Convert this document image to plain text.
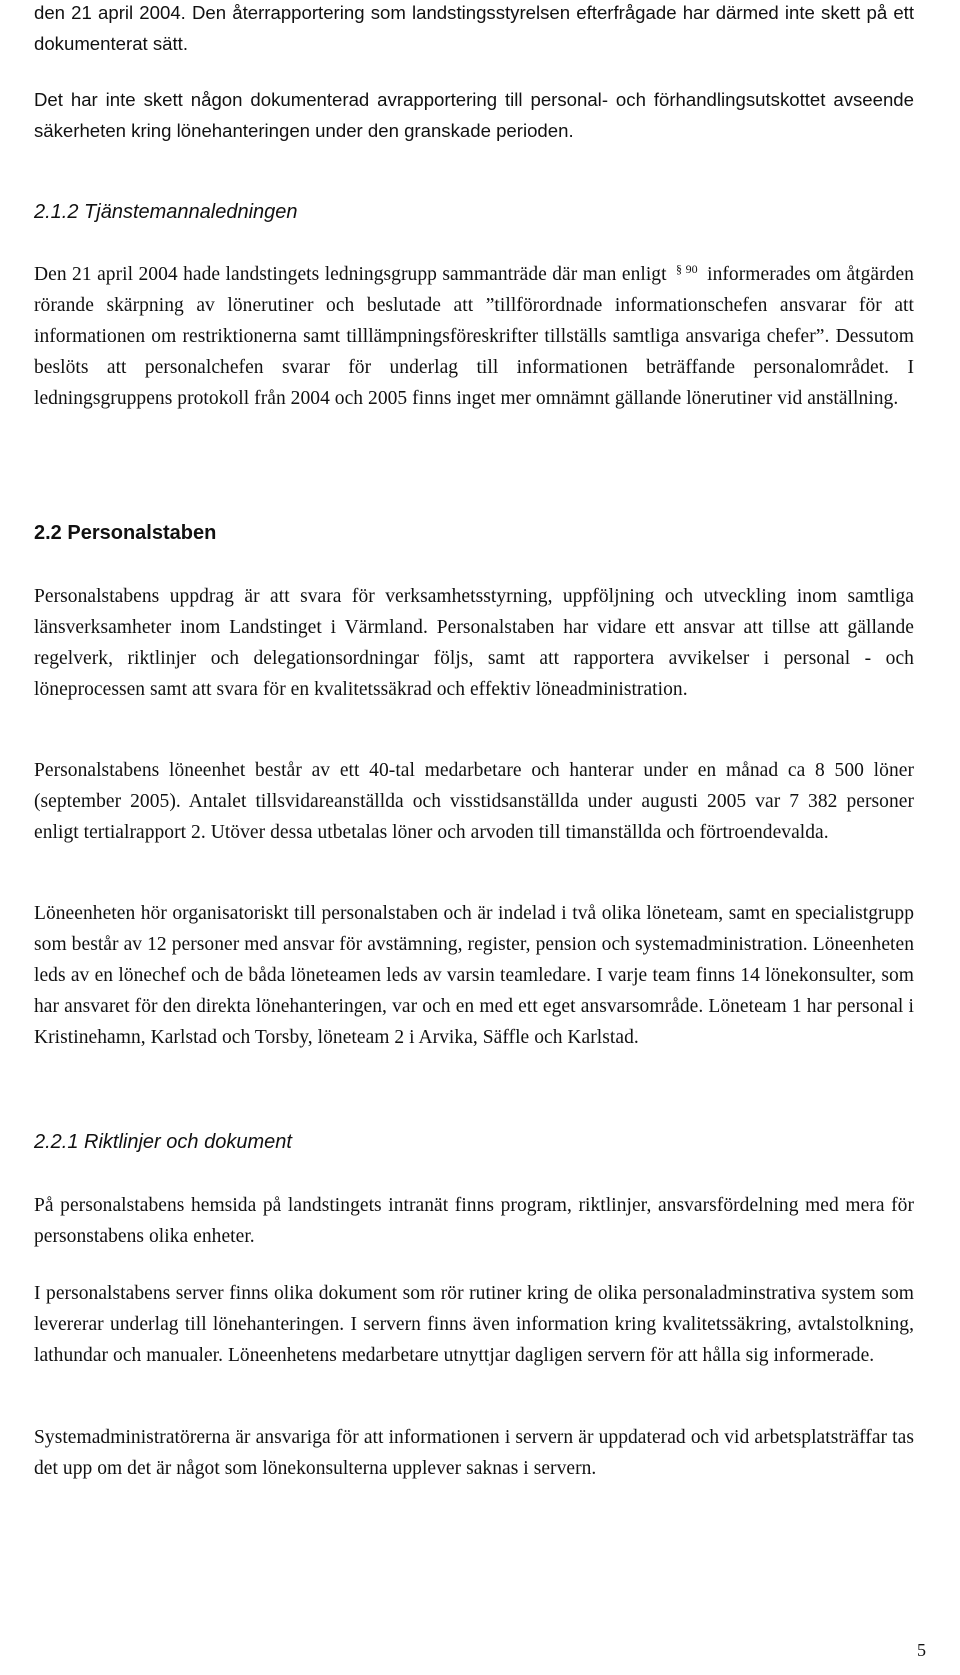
den 21 april 2004. Den återrapportering som landstingsstyrelsen efterfrågade har därmed inte skett på ett dokumenterat sätt.

Det har inte skett någon dokumenterad avrapportering till personal- och förhandlingsutskottet avseende säkerheten kring lönehanteringen under den granskade perioden.

2.1.2 Tjänstemannaledningen

Den 21 april 2004 hade landstingets ledningsgrupp sammanträde där man enligt $^{\S 90}$ informerades om åtgärden rörande skärpning av lönerutiner och beslutade att ”tillförordnade informationschefen ansvarar för att informationen om restriktionerna samt tilllämpningsföreskrifter tillställs samtliga ansvariga chefer”. Dessutom beslöts att personalchefen svarar för underlag till informationen beträffande personalområdet. I ledningsgruppens protokoll från 2004 och 2005 finns inget mer omnämnt gällande lönerutiner vid anställning.

2.2 Personalstaben

Personalstabens uppdrag är att svara för verksamhetsstyrning, uppföljning och utveckling inom samtliga länsverksamheter inom Landstinget i Värmland. Personalstaben har vidare ett ansvar att tillse att gällande regelverk, riktlinjer och delegationsordningar följs, samt att rapportera avvikelser i personal - och löneprocessen samt att svara för en kvalitetssäkrad och effektiv löneadministration.

Personalstabens löneenhet består av ett 40-tal medarbetare och hanterar under en månad ca 8 500 löner (september 2005). Antalet tillsvidareanställda och visstidsanställda under augusti 2005 var 7 382 personer enligt tertialrapport 2. Utöver dessa utbetalas löner och arvoden till timanställda och förtroendevalda.

Löneenheten hör organisatoriskt till personalstaben och är indelad i två olika löneteam, samt en specialistgrupp som består av 12 personer med ansvar för avstämning, register, pension och systemadministration. Löneenheten leds av en lönechef och de båda löneteamen leds av varsin teamledare. I varje team finns 14 lönekonsulter, som har ansvaret för den direkta lönehanteringen, var och en med ett eget ansvarsområde. Löneteam 1 har personal i Kristinehamn, Karlstad och Torsby, löneteam 2 i Arvika, Säffle och Karlstad.

2.2.1 Riktlinjer och dokument

På personalstabens hemsida på landstingets intranät finns program, riktlinjer, ansvarsfördelning med mera för personstabens olika enheter.

I personalstabens server finns olika dokument som rör rutiner kring de olika personaladminstrativa system som levererar underlag till lönehanteringen. I servern finns även information kring kvalitetssäkring, avtalstolkning, lathundar och manualer. Löneenhetens medarbetare utnyttjar dagligen servern för att hålla sig informerade.

Systemadministratörerna är ansvariga för att informationen i servern är uppdaterad och vid arbetsplatsträffar tas det upp om det är något som lönekonsulterna upplever saknas i servern.

5
